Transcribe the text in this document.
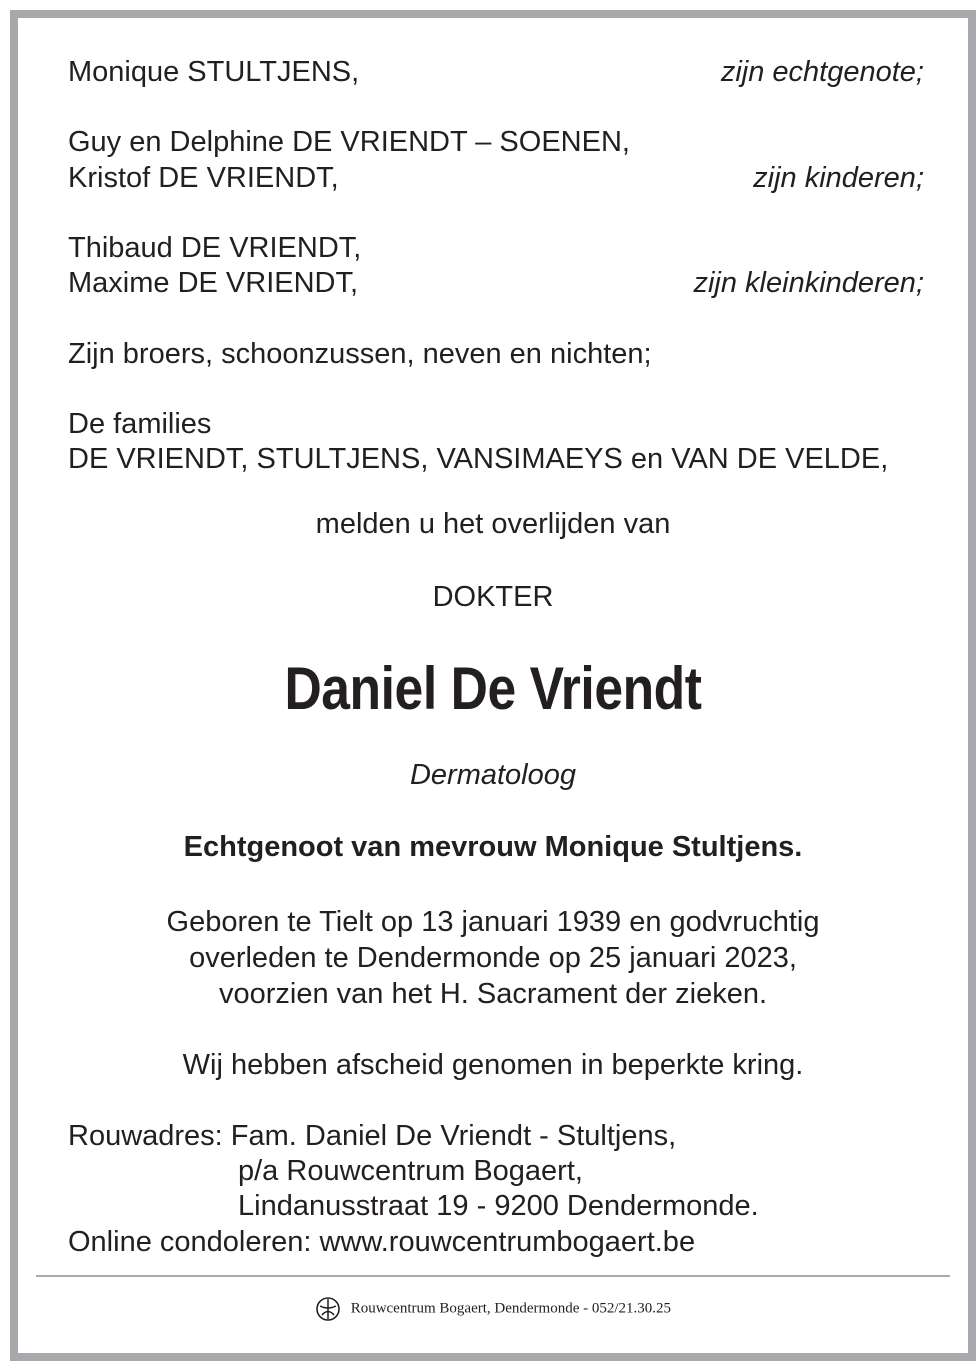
Monique STULTJENS,	zijn echtgenote;
Guy en Delphine DE VRIENDT – SOENEN,
Kristof DE VRIENDT,	zijn kinderen;
Thibaud DE VRIENDT,
Maxime DE VRIENDT,	zijn kleinkinderen;
Zijn broers, schoonzussen, neven en nichten;
De families
DE VRIENDT, STULTJENS, VANSIMAEYS en VAN DE VELDE,
melden u het overlijden van
DOKTER
Daniel De Vriendt
Dermatoloog
Echtgenoot van mevrouw Monique Stultjens.
Geboren te Tielt op 13 januari 1939 en godvruchtig
overleden te Dendermonde op 25 januari 2023,
voorzien van het H. Sacrament der zieken.
Wij hebben afscheid genomen in beperkte kring.
Rouwadres: Fam. Daniel De Vriendt - Stultjens,
p/a Rouwcentrum Bogaert,
Lindanusstraat 19 - 9200 Dendermonde.
Online condoleren: www.rouwcentrumbogaert.be
Rouwcentrum Bogaert, Dendermonde - 052/21.30.25
